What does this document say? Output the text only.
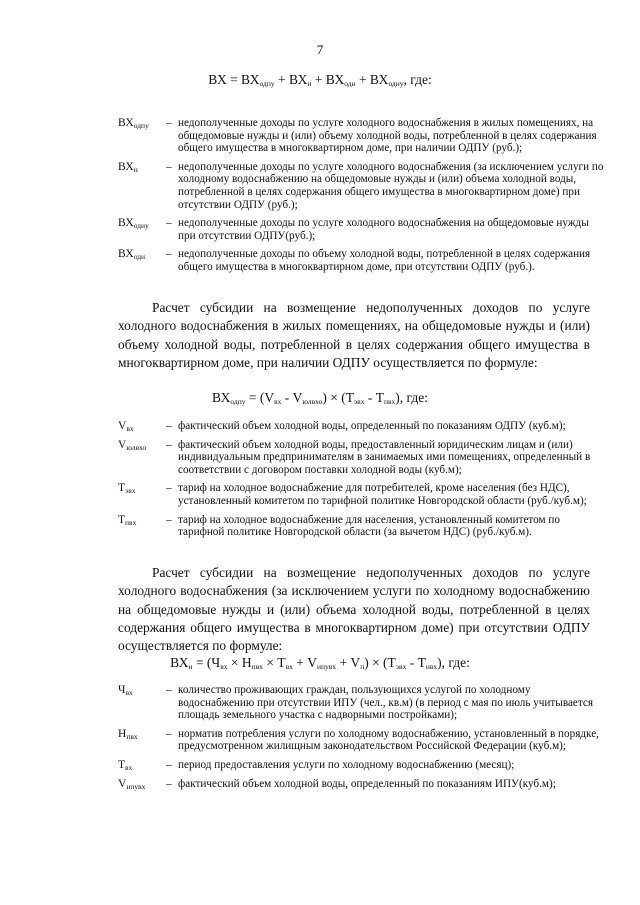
7
ВХ = $ВХ_{одпу} + ВХ_н + ВХ_{одн} + ВХ_{одну}$, где:
$ВХ_{одпу}$	– недополученные доходы по услуге холодного водоснабжения в жилых помещениях, на общедомовые нужды и (или) объему холодной воды, потребленной в целях содержания общего имущества в многоквартирном доме, при наличии ОДПУ (руб.);
$ВХ_н$	– недополученные доходы по услуге холодного водоснабжения (за исключением услуги по холодному водоснабжению на общедомовые нужды и (или) объема холодной воды, потребленной в целях содержания общего имущества в многоквартирном доме) при отсутствии ОДПУ (руб.);
$ВХ_{одну}$	– недополученные доходы по услуге холодного водоснабжения на общедомовые нужды при отсутствии ОДПУ(руб.);
$ВХ_{одн}$	– недополученные доходы по объему холодной воды, потребленной в целях содержания общего имущества в многоквартирном доме, при отсутствии ОДПУ (руб.).
Расчет субсидии на возмещение недополученных доходов по услуге холодного водоснабжения в жилых помещениях, на общедомовые нужды и (или) объему холодной воды, потребленной в целях содержания общего имущества в многоквартирном доме, при наличии ОДПУ осуществляется по формуле:
$ВХ_{одпу} = (V_{вх} - V_{юлвхо}) \times (Т_{эвх} - Т_{пвх})$, где:
$V_{вх}$	– фактический объем холодной воды, определенный по показаниям ОДПУ (куб.м);
$V_{юлвхо}$	– фактический объем холодной воды, предоставленный юридическим лицам и (или) индивидуальным предпринимателям в занимаемых ими помещениях, определенный в соответствии с договором поставки холодной воды (куб.м);
$Т_{эвх}$	– тариф на холодное водоснабжение для потребителей, кроме населения (без НДС), установленный комитетом по тарифной политике Новгородской области (руб./куб.м);
$Т_{пвх}$	– тариф на холодное водоснабжение для населения, установленный комитетом по тарифной политике Новгородской области (за вычетом НДС) (руб./куб.м).
Расчет субсидии на возмещение недополученных доходов по услуге холодного водоснабжения (за исключением услуги по холодному водоснабжению на общедомовые нужды и (или) объема холодной воды, потребленной в целях содержания общего имущества в многоквартирном доме) при отсутствии ОДПУ осуществляется по формуле:
$ВХ_н = (Ч_{вх} \times Н_{пвх} \times Т_{вх} + V_{ипувх} + V_п) \times (Т_{эвх} - Т_{нвх})$, где:
$Ч_{вх}$	– количество проживающих граждан, пользующихся услугой по холодному водоснабжению при отсутствии ИПУ (чел., кв.м) (в период с мая по июль учитывается площадь земельного участка с надворными постройками);
$Н_{пвх}$	– норматив потребления услуги по холодному водоснабжению, установленный в порядке, предусмотренном жилищным законодательством Российской Федерации (куб.м);
$Т_{вх}$	– период предоставления услуги по холодному водоснабжению (месяц);
$V_{ипувх}$	– фактический объем холодной воды, определенный по показаниям ИПУ(куб.м);
